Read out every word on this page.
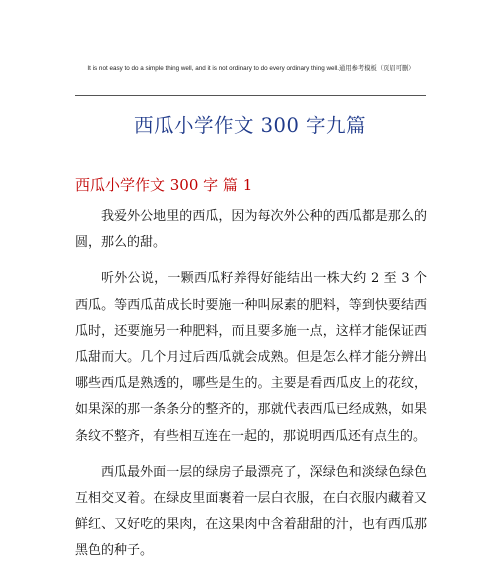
It is not easy to do a simple thing well, and it is not ordinary to do every ordinary thing well.通用参考模板（页眉可删）
西瓜小学作文 300 字九篇
西瓜小学作文 300 字 篇 1

我爱外公地里的西瓜，因为每次外公种的西瓜都是那么的圆，那么的甜。

听外公说，一颗西瓜籽养得好能结出一株大约 2 至 3 个西瓜。等西瓜苗成长时要施一种叫尿素的肥料，等到快要结西瓜时，还要施另一种肥料，而且要多施一点，这样才能保证西瓜甜而大。几个月过后西瓜就会成熟。但是怎么样才能分辨出哪些西瓜是熟透的，哪些是生的。主要是看西瓜皮上的花纹，如果深的那一条条分的整齐的，那就代表西瓜已经成熟，如果条纹不整齐，有些相互连在一起的，那说明西瓜还有点生的。

西瓜最外面一层的绿房子最漂亮了，深绿色和淡绿色绿色互相交叉着。在绿皮里面裹着一层白衣服，在白衣服内藏着又鲜红、又好吃的果肉，在这果肉中含着甜甜的汁，也有西瓜那黑色的种子。
